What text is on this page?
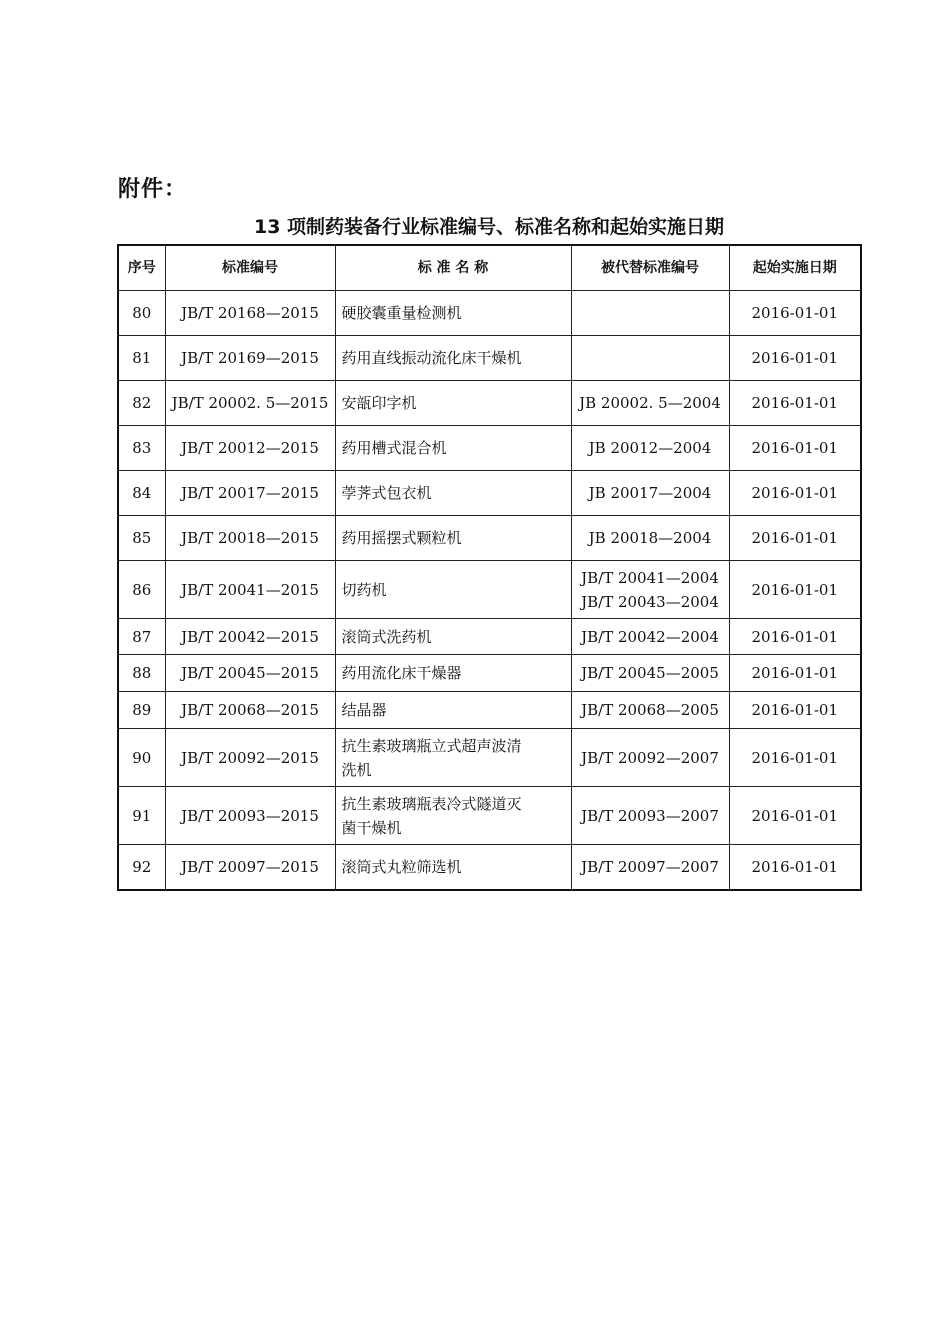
附件：
13 项制药装备行业标准编号、标准名称和起始实施日期
序号	标准编号	标 准 名 称	被代替标准编号	起始实施日期
80	JB/T 20168—2015	硬胶囊重量检测机		2016-01-01
81	JB/T 20169—2015	药用直线振动流化床干燥机		2016-01-01
82	JB/T 20002. 5—2015	安瓿印字机	JB 20002. 5—2004	2016-01-01
83	JB/T 20012—2015	药用槽式混合机	JB 20012—2004	2016-01-01
84	JB/T 20017—2015	荸荠式包衣机	JB 20017—2004	2016-01-01
85	JB/T 20018—2015	药用摇摆式颗粒机	JB 20018—2004	2016-01-01
86	JB/T 20041—2015	切药机	JB/T 20041—2004
JB/T 20043—2004	2016-01-01
87	JB/T 20042—2015	滚筒式洗药机	JB/T 20042—2004	2016-01-01
88	JB/T 20045—2015	药用流化床干燥器	JB/T 20045—2005	2016-01-01
89	JB/T 20068—2015	结晶器	JB/T 20068—2005	2016-01-01
90	JB/T 20092—2015	抗生素玻璃瓶立式超声波清
洗机	JB/T 20092—2007	2016-01-01
91	JB/T 20093—2015	抗生素玻璃瓶表冷式隧道灭
菌干燥机	JB/T 20093—2007	2016-01-01
92	JB/T 20097—2015	滚筒式丸粒筛选机	JB/T 20097—2007	2016-01-01
